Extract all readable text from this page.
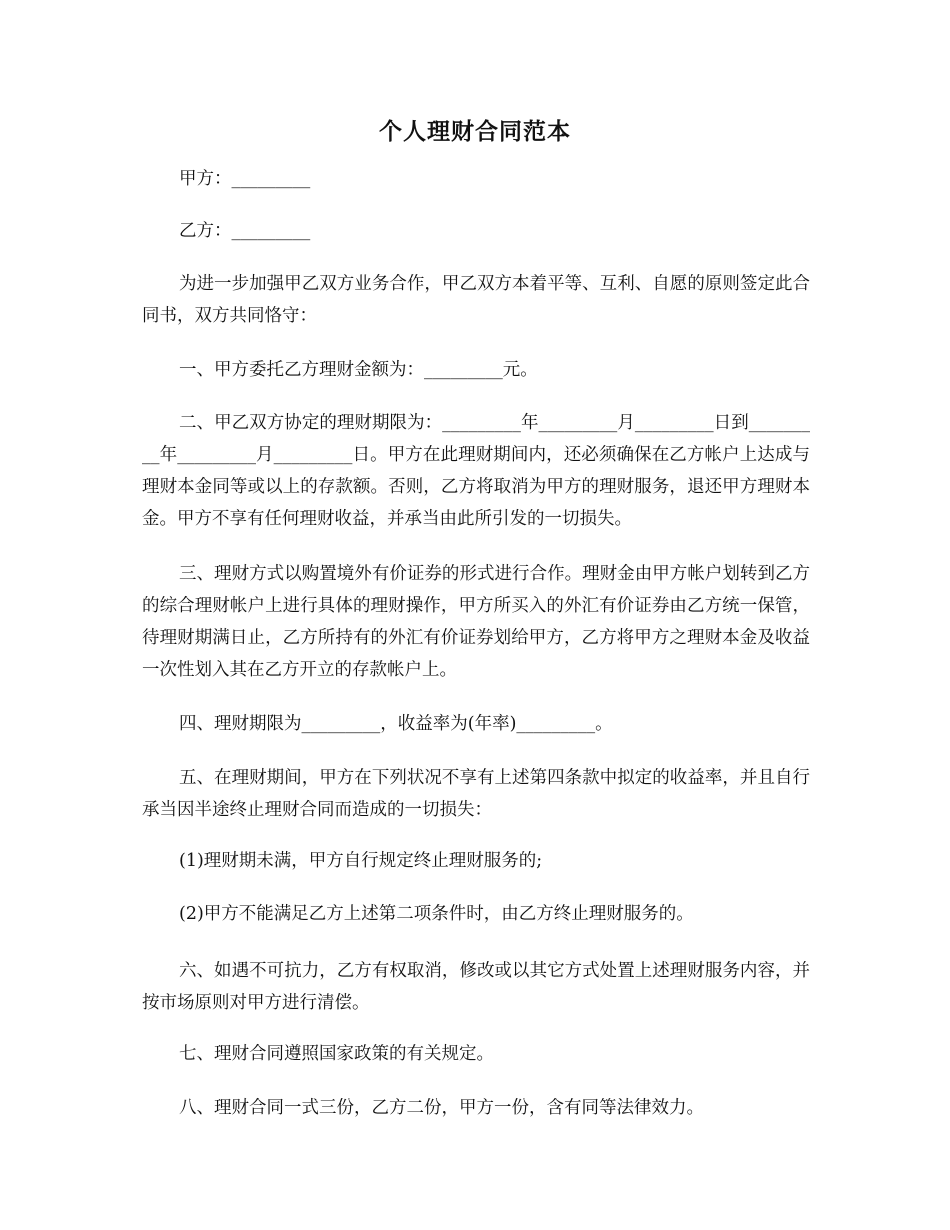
个人理财合同范本

甲方：_________

乙方：_________

为进一步加强甲乙双方业务合作，甲乙双方本着平等、互利、自愿的原则签定此合同书，双方共同恪守：

一、甲方委托乙方理财金额为：_________元。

二、甲乙双方协定的理财期限为：_________年_________月_________日到_________年_________月_________日。甲方在此理财期间内，还必须确保在乙方帐户上达成与理财本金同等或以上的存款额。否则，乙方将取消为甲方的理财服务，退还甲方理财本金。甲方不享有任何理财收益，并承当由此所引发的一切损失。

三、理财方式以购置境外有价证券的形式进行合作。理财金由甲方帐户划转到乙方的综合理财帐户上进行具体的理财操作，甲方所买入的外汇有价证券由乙方统一保管，待理财期满日止，乙方所持有的外汇有价证券划给甲方，乙方将甲方之理财本金及收益一次性划入其在乙方开立的存款帐户上。

四、理财期限为_________，收益率为(年率)_________。

五、在理财期间，甲方在下列状况不享有上述第四条款中拟定的收益率，并且自行承当因半途终止理财合同而造成的一切损失：

(1)理财期未满，甲方自行规定终止理财服务的;

(2)甲方不能满足乙方上述第二项条件时，由乙方终止理财服务的。

六、如遇不可抗力，乙方有权取消，修改或以其它方式处置上述理财服务内容，并按市场原则对甲方进行清偿。

七、理财合同遵照国家政策的有关规定。

八、理财合同一式三份，乙方二份，甲方一份，含有同等法律效力。
